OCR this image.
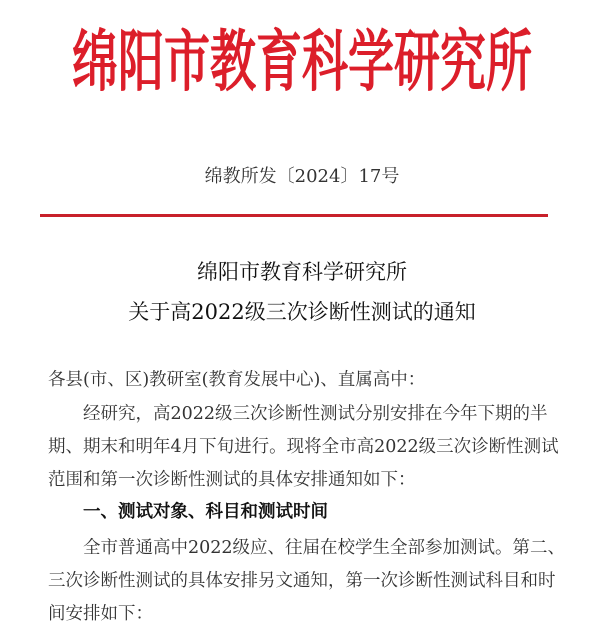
绵阳市教育科学研究所
绵教所发〔2024〕17号
绵阳市教育科学研究所
关于高2022级三次诊断性测试的通知
各县(市、区)教研室(教育发展中心)、直属高中：
经研究，高2022级三次诊断性测试分别安排在今年下期的半期、期末和明年4月下旬进行。现将全市高2022级三次诊断性测试范围和第一次诊断性测试的具体安排通知如下：
一、测试对象、科目和测试时间
全市普通高中2022级应、往届在校学生全部参加测试。第二、三次诊断性测试的具体安排另文通知，第一次诊断性测试科目和时间安排如下：
